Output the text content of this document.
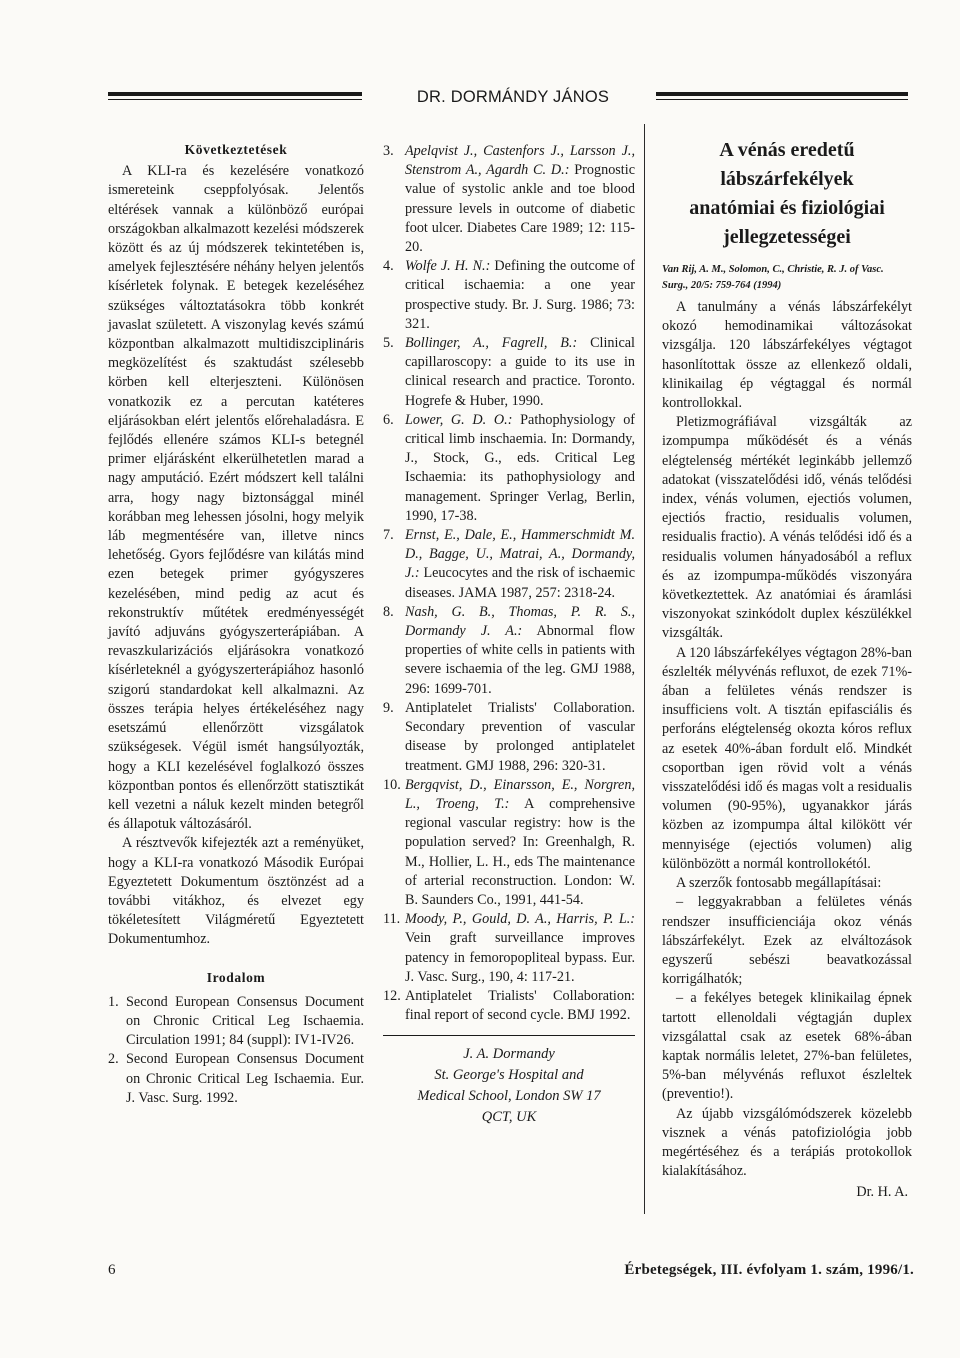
DR. DORMÁNDY JÁNOS
Következtetések

A KLI-ra és kezelésére vonatkozó ismereteink cseppfolyósak. Jelentős eltérések vannak a különböző európai országokban alkalmazott kezelési módszerek között és az új módszerek tekintetében is, amelyek fejlesztésére néhány helyen jelentős kísérletek folynak. E betegek kezeléséhez szükséges változtatásokra több konkrét javaslat született. A viszonylag kevés számú központban alkalmazott multidiszciplináris megközelítést és szaktudást szélesebb körben kell elterjeszteni. Különösen vonatkozik ez a percutan katéteres eljárásokban elért jelentős előrehaladásra. E fejlődés ellenére számos KLI-s betegnél primer eljárásként elkerülhetetlen marad a nagy amputáció. Ezért módszert kell találni arra, hogy nagy biztonsággal minél korábban meg lehessen jósolni, hogy melyik láb megmentésére van, illetve nincs lehetőség. Gyors fejlődésre van kilátás mind ezen betegek primer gyógyszeres kezelésében, mind pedig az acut és rekonstruktív műtétek eredményességét javító adjuváns gyógyszerterápiában. A revaszkularizációs eljárásokra vonatkozó kísérleteknél a gyógyszerterápiához hasonló szigorú standardokat kell alkalmazni. Az összes terápia helyes értékeléséhez nagy esetszámú ellenőrzött vizsgálatok szükségesek. Végül ismét hangsúlyozták, hogy a KLI kezelésével foglalkozó összes központban pontos és ellenőrzött statisztikát kell vezetni a náluk kezelt minden betegről és állapotuk változásáról.

A résztvevők kifejezték azt a reményüket, hogy a KLI-ra vonatkozó Második Európai Egyeztetett Dokumentum ösztönzést ad a további vitákhoz, és elvezet egy tökéletesített Világméretű Egyeztetett Dokumentumhoz.

Irodalom
1. Second European Consensus Document on Chronic Critical Leg Ischaemia. Circulation 1991; 84 (suppl): IV1-IV26.
2. Second European Consensus Document on Chronic Critical Leg Ischaemia. Eur. J. Vasc. Surg. 1992.
3. Apelqvist J., Castenfors J., Larsson J., Stenstrom A., Agardh C. D.: Prognostic value of systolic ankle and toe blood pressure levels in outcome of diabetic foot ulcer. Diabetes Care 1989; 12: 115-20.
4. Wolfe J. H. N.: Defining the outcome of critical ischaemia: a one year prospective study. Br. J. Surg. 1986; 73: 321.
5. Bollinger, A., Fagrell, B.: Clinical capillaroscopy: a guide to its use in clinical research and practice. Toronto. Hogrefe & Huber, 1990.
6. Lower, G. D. O.: Pathophysiology of critical limb inschaemia. In: Dormandy, J., Stock, G., eds. Critical Leg Ischaemia: its pathophysiology and management. Springer Verlag, Berlin, 1990, 17-38.
7. Ernst, E., Dale, E., Hammerschmidt M. D., Bagge, U., Matrai, A., Dormandy, J.: Leucocytes and the risk of ischaemic diseases. JAMA 1987, 257: 2318-24.
8. Nash, G. B., Thomas, P. R. S., Dormandy J. A.: Abnormal flow properties of white cells in patients with severe ischaemia of the leg. GMJ 1988, 296: 1699-701.
9. Antiplatelet Trialists' Collaboration. Secondary prevention of vascular disease by prolonged antiplatelet treatment. GMJ 1988, 296: 320-31.
10. Bergqvist, D., Einarsson, E., Norgren, L., Troeng, T.: A comprehensive regional vascular registry: how is the population served? In: Greenhalgh, R. M., Hollier, L. H., eds The maintenance of arterial reconstruction. London: W. B. Saunders Co., 1991, 441-54.
11. Moody, P., Gould, D. A., Harris, P. L.: Vein graft surveillance improves patency in femoropopliteal bypass. Eur. J. Vasc. Surg., 190, 4: 117-21.
12. Antiplatelet Trialists' Collaboration: final report of second cycle. BMJ 1992.
J. A. Dormandy
St. George's Hospital and
Medical School, London SW 17
QCT, UK
A vénás eredetű
lábszárfekélyek
anatómiai és fiziológiai
jellegzetességei
Van Rij, A. M., Solomon, C., Christie, R. J. of Vasc. Surg., 20/5: 759-764 (1994)

A tanulmány a vénás lábszárfekélyt okozó hemodinamikai változásokat vizsgálja. 120 lábszárfekélyes végtagot hasonlítottak össze az ellenkező oldali, klinikailag ép végtaggal és normál kontrollokkal.

Pletizmográfiával vizsgálták az izompumpa működését és a vénás elégtelenség mértékét leginkább jellemző adatokat (visszatelődési idő, vénás telődési index, vénás volumen, ejectiós volumen, ejectiós fractio, residualis volumen, residualis fractio). A vénás telődési idő és a residualis volumen hányadosából a reflux és az izompumpa-működés viszonyára következtettek. Az anatómiai és áramlási viszonyokat szinkódolt duplex készülékkel vizsgálták.

A 120 lábszárfekélyes végtagon 28%-ban észlelték mélyvénás refluxot, de ezek 71%-ában a felületes vénás rendszer is insufficiens volt. A tisztán epifasciális és perforáns elégtelenség okozta kóros reflux az esetek 40%-ában fordult elő. Mindkét csoportban igen rövid volt a vénás visszatelődési idő és magas volt a residualis volumen (90-95%), ugyanakkor járás közben az izompumpa által kilökött vér mennyisége (ejectiós volumen) alig különbözött a normál kontrollokétól.

A szerzők fontosabb megállapításai:

– leggyakrabban a felületes vénás rendszer insufficienciája okoz vénás lábszárfekélyt. Ezek az elváltozások egyszerű sebészi beavatkozással korrigálhatók;

– a fekélyes betegek klinikailag épnek tartott ellenoldali végtagján duplex vizsgálattal csak az esetek 68%-ában kaptak normális leletet, 27%-ban felületes, 5%-ban mélyvénás refluxot észleltek (preventio!).

Az újabb vizsgálómódszerek közelebb visznek a vénás patofiziológia jobb megértéséhez és a terápiás protokollok kialakításához.

Dr. H. A.
6	Érbetegségek, III. évfolyam 1. szám, 1996/1.
